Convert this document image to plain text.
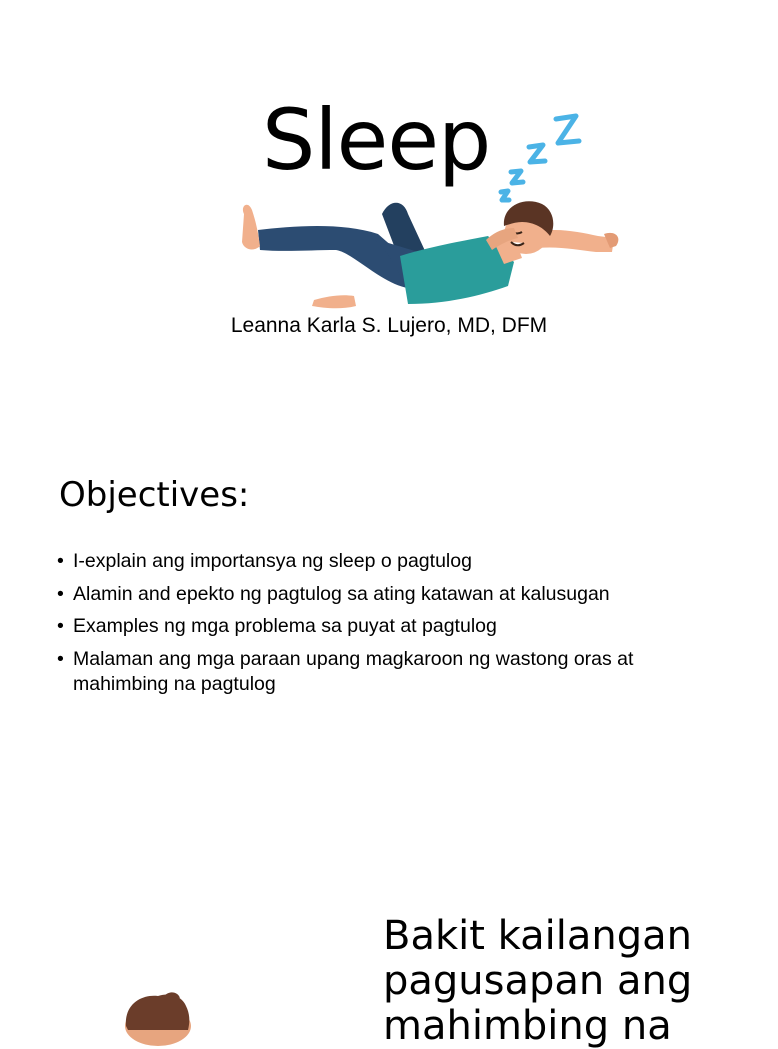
Sleep

Leanna Karla S. Lujero, MD, DFM

Objectives:
• I-explain ang importansya ng sleep o pagtulog
• Alamin and epekto ng pagtulog sa ating katawan at kalusugan
• Examples ng mga problema sa puyat at pagtulog
• Malaman ang mga paraan upang magkaroon ng wastong oras at mahimbing na pagtulog
Bakit kailangan
pagusapan ang
mahimbing na
